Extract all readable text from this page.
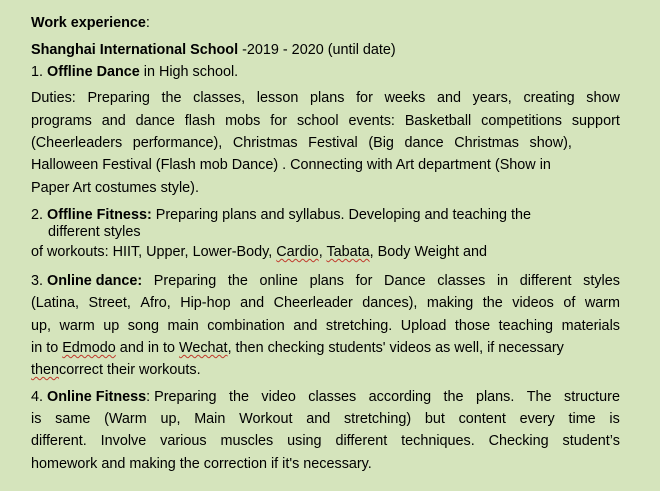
Work experience:
Shanghai International School -2019 - 2020 (until date)
1. Offline Dance in High school.
Duties: Preparing the classes, lesson plans for weeks and years, creating show
programs and dance flash mobs for school events: Basketball competitions support
(Cheerleaders performance), Christmas Festival (Big dance Christmas show),
Halloween Festival (Flash mob Dance) . Connecting with Art department (Show in
Paper Art costumes style).
2. Offline Fitness: Preparing plans and syllabus. Developing and teaching the
different styles
of workouts: HIIT, Upper, Lower-Body, Cardio, Tabata, Body Weight and
3. Online dance: Preparing the online plans for Dance classes in different styles
(Latina, Street, Afro, Hip-hop and Cheerleader dances), making the videos of warm
up, warm up song main combination and stretching. Upload those teaching materials
in to Edmodo and in to Wechat, then checking students' videos as well, if necessary
thencorrect their workouts.
4. Online Fitness: Preparing the video classes according the plans. The structure
is same (Warm up, Main Workout and stretching) but content every time is
different. Involve various muscles using different techniques. Checking student’s
homework and making the correction if it's necessary.
